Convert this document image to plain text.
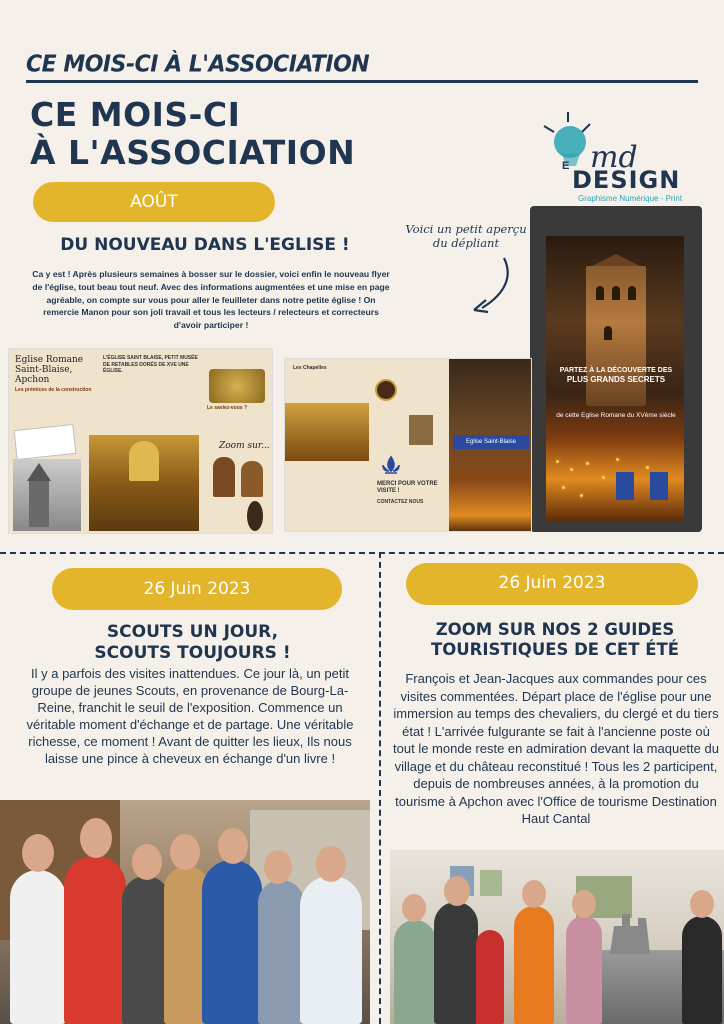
CE MOIS-CI À L'ASSOCIATION
CE MOIS-CI
À L'ASSOCIATION	md
E DESIGN
Graphisme Numérique - Print
AOÛT
DU NOUVEAU DANS L'EGLISE !
Ca y est ! Après plusieurs semaines à bosser sur le dossier, voici enfin le nouveau flyer de l'église, tout beau tout neuf. Avec des informations augmentées et une mise en page agréable, on compte sur vous pour aller le feuilleter dans notre petite église ! On remercie Manon pour son joli travail et tous les lecteurs / relecteurs et correcteurs d'avoir participer !
Voici un petit aperçu du dépliant
PARTEZ À LA DÉCOUVERTE DES
PLUS GRANDS SECRETS
de cette Eglise Romane du XVème siècle
Eglise Romane Saint-Blaise, Apchon
Les prémices de la construction
L'ÉGLISE SAINT BLAISE, PETIT MUSÉE DE RETABLES DORÉS DE XVE UNE ÉGLISE.
Le saviez-vous ?
Zoom sur...
Les Chapelles
MERCI POUR VOTRE VISITE !
CONTACTEZ NOUS
Eglise Saint-Blaise
26 Juin 2023
SCOUTS UN JOUR,
SCOUTS TOUJOURS !
Il y a parfois des visites inattendues. Ce jour là, un petit groupe de jeunes Scouts, en provenance de Bourg-La-Reine, franchit le seuil de l'exposition. Commence un véritable moment d'échange et de partage. Une véritable richesse, ce moment ! Avant de quitter les lieux, Ils nous laisse une pince à cheveux en échange d'un livre !
26 Juin 2023
ZOOM SUR NOS 2 GUIDES
TOURISTIQUES DE CET ÉTÉ
François et Jean-Jacques aux commandes pour ces visites commentées. Départ place de l'église pour une immersion au temps des chevaliers, du clergé et du tiers état ! L'arrivée fulgurante se fait à l'ancienne poste où tout le monde reste en admiration devant la maquette du village et du château reconstitué ! Tous les 2 participent, depuis de nombreuses années, à la promotion du tourisme à Apchon avec l'Office de tourisme Destination Haut Cantal
